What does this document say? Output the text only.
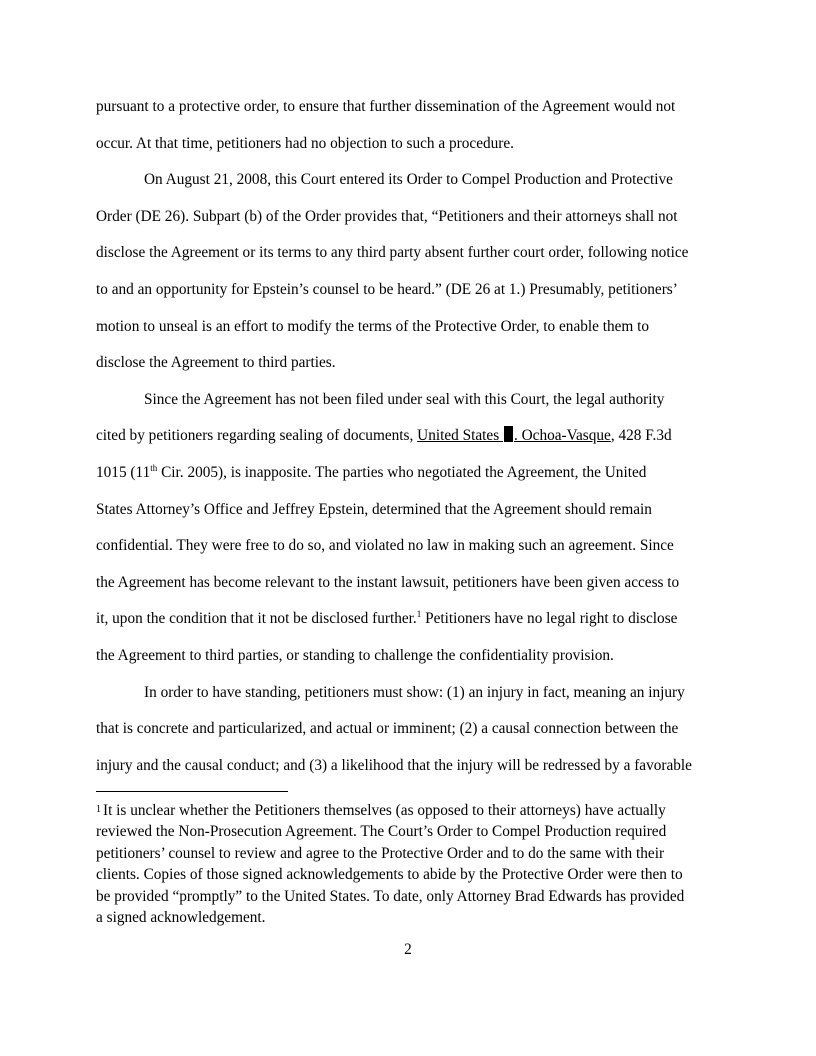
pursuant to a protective order, to ensure that further dissemination of the Agreement would not

occur. At that time, petitioners had no objection to such a procedure.

On August 21, 2008, this Court entered its Order to Compel Production and Protective

Order (DE 26). Subpart (b) of the Order provides that, “Petitioners and their attorneys shall not

disclose the Agreement or its terms to any third party absent further court order, following notice

to and an opportunity for Epstein’s counsel to be heard.” (DE 26 at 1.) Presumably, petitioners’

motion to unseal is an effort to modify the terms of the Protective Order, to enable them to

disclose the Agreement to third parties.

Since the Agreement has not been filed under seal with this Court, the legal authority

cited by petitioners regarding sealing of documents, United States . Ochoa-Vasque, 428 F.3d

1015 (11th Cir. 2005), is inapposite. The parties who negotiated the Agreement, the United

States Attorney’s Office and Jeffrey Epstein, determined that the Agreement should remain

confidential. They were free to do so, and violated no law in making such an agreement. Since

the Agreement has become relevant to the instant lawsuit, petitioners have been given access to

it, upon the condition that it not be disclosed further.$^1$ Petitioners have no legal right to disclose

the Agreement to third parties, or standing to challenge the confidentiality provision.

In order to have standing, petitioners must show: (1) an injury in fact, meaning an injury

that is concrete and particularized, and actual or imminent; (2) a causal connection between the

injury and the causal conduct; and (3) a likelihood that the injury will be redressed by a favorable

1 It is unclear whether the Petitioners themselves (as opposed to their attorneys) have actually

reviewed the Non-Prosecution Agreement. The Court’s Order to Compel Production required

petitioners’ counsel to review and agree to the Protective Order and to do the same with their

clients. Copies of those signed acknowledgements to abide by the Protective Order were then to

be provided “promptly” to the United States. To date, only Attorney Brad Edwards has provided

a signed acknowledgement.

2
